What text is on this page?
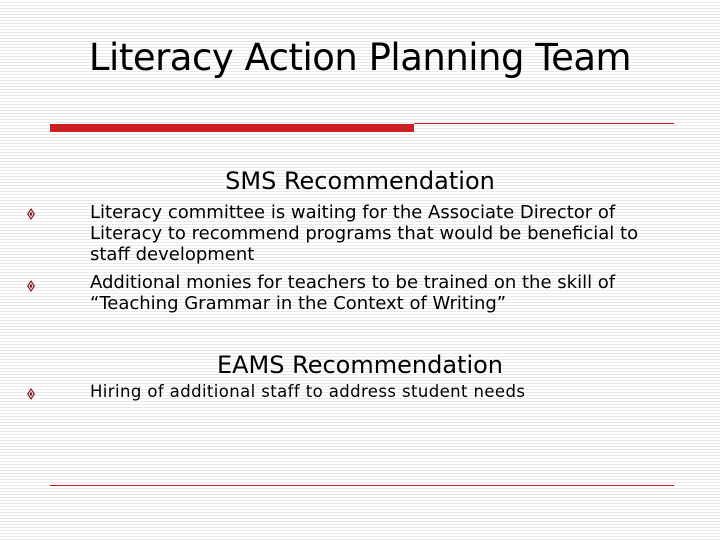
Literacy Action Planning Team
SMS Recommendation
Literacy committee is waiting for the Associate Director of Literacy to recommend programs that would be beneficial to staff development
Additional monies for teachers to be trained on the skill of “Teaching Grammar in the Context of Writing”
EAMS Recommendation
Hiring of additional staff to address student needs
